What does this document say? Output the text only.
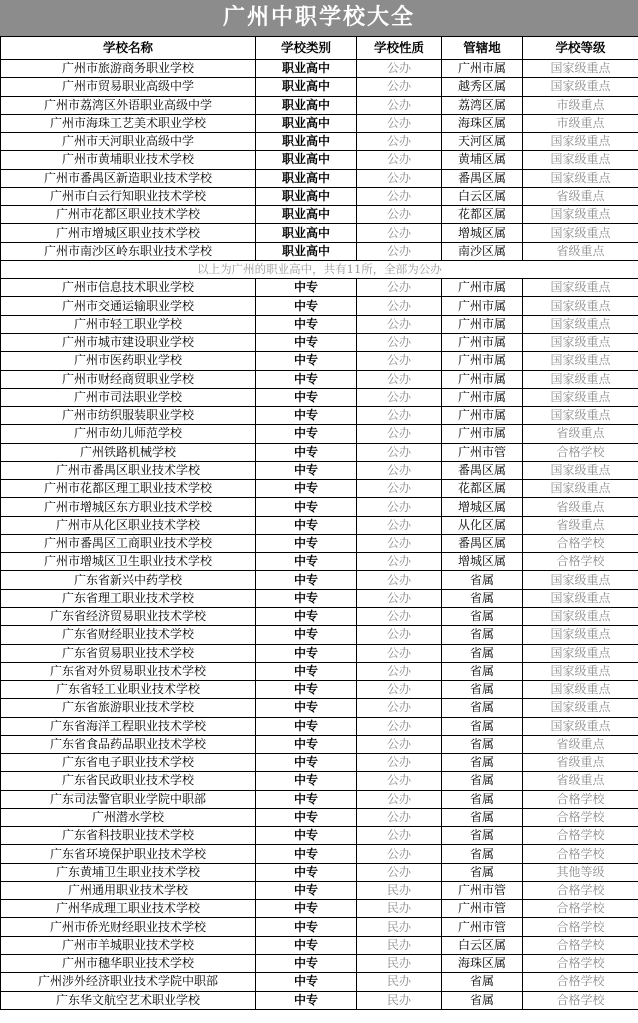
广州中职学校大全
学校名称	学校类别	学校性质	管辖地	学校等级
广州市旅游商务职业学校	职业高中	公办	广州市属	国家级重点
广州市贸易职业高级中学	职业高中	公办	越秀区属	国家级重点
广州市荔湾区外语职业高级中学	职业高中	公办	荔湾区属	市级重点
广州市海珠工艺美术职业学校	职业高中	公办	海珠区属	市级重点
广州市天河职业高级中学	职业高中	公办	天河区属	国家级重点
广州市黄埔职业技术学校	职业高中	公办	黄埔区属	国家级重点
广州市番禺区新造职业技术学校	职业高中	公办	番禺区属	国家级重点
广州市白云行知职业技术学校	职业高中	公办	白云区属	省级重点
广州市花都区职业技术学校	职业高中	公办	花都区属	国家级重点
广州市增城区职业技术学校	职业高中	公办	增城区属	国家级重点
广州市南沙区岭东职业技术学校	职业高中	公办	南沙区属	省级重点
以上为广州的职业高中，共有11所，全部为公办				
广州市信息技术职业学校	中专	公办	广州市属	国家级重点
广州市交通运输职业学校	中专	公办	广州市属	国家级重点
广州市轻工职业学校	中专	公办	广州市属	国家级重点
广州市城市建设职业学校	中专	公办	广州市属	国家级重点
广州市医药职业学校	中专	公办	广州市属	国家级重点
广州市财经商贸职业学校	中专	公办	广州市属	国家级重点
广州市司法职业学校	中专	公办	广州市属	国家级重点
广州市纺织服装职业学校	中专	公办	广州市属	国家级重点
广州市幼儿师范学校	中专	公办	广州市属	省级重点
广州铁路机械学校	中专	公办	广州市管	合格学校
广州市番禺区职业技术学校	中专	公办	番禺区属	国家级重点
广州市花都区理工职业技术学校	中专	公办	花都区属	国家级重点
广州市增城区东方职业技术学校	中专	公办	增城区属	省级重点
广州市从化区职业技术学校	中专	公办	从化区属	省级重点
广州市番禺区工商职业技术学校	中专	公办	番禺区属	合格学校
广州市增城区卫生职业技术学校	中专	公办	增城区属	合格学校
广东省新兴中药学校	中专	公办	省属	国家级重点
广东省理工职业技术学校	中专	公办	省属	国家级重点
广东省经济贸易职业技术学校	中专	公办	省属	国家级重点
广东省财经职业技术学校	中专	公办	省属	国家级重点
广东省贸易职业技术学校	中专	公办	省属	国家级重点
广东省对外贸易职业技术学校	中专	公办	省属	国家级重点
广东省轻工业职业技术学校	中专	公办	省属	国家级重点
广东省旅游职业技术学校	中专	公办	省属	国家级重点
广东省海洋工程职业技术学校	中专	公办	省属	国家级重点
广东省食品药品职业技术学校	中专	公办	省属	省级重点
广东省电子职业技术学校	中专	公办	省属	省级重点
广东省民政职业技术学校	中专	公办	省属	省级重点
广东司法警官职业学院中职部	中专	公办	省属	合格学校
广州潜水学校	中专	公办	省属	合格学校
广东省科技职业技术学校	中专	公办	省属	合格学校
广东省环境保护职业技术学校	中专	公办	省属	合格学校
广东黄埔卫生职业技术学校	中专	公办	省属	其他等级
广州通用职业技术学校	中专	民办	广州市管	合格学校
广州华成理工职业技术学校	中专	民办	广州市管	合格学校
广州市侨光财经职业技术学校	中专	民办	广州市管	合格学校
广州市羊城职业技术学校	中专	民办	白云区属	合格学校
广州市穗华职业技术学校	中专	民办	海珠区属	合格学校
广州涉外经济职业技术学院中职部	中专	民办	省属	合格学校
广东华文航空艺术职业学校	中专	民办	省属	合格学校
